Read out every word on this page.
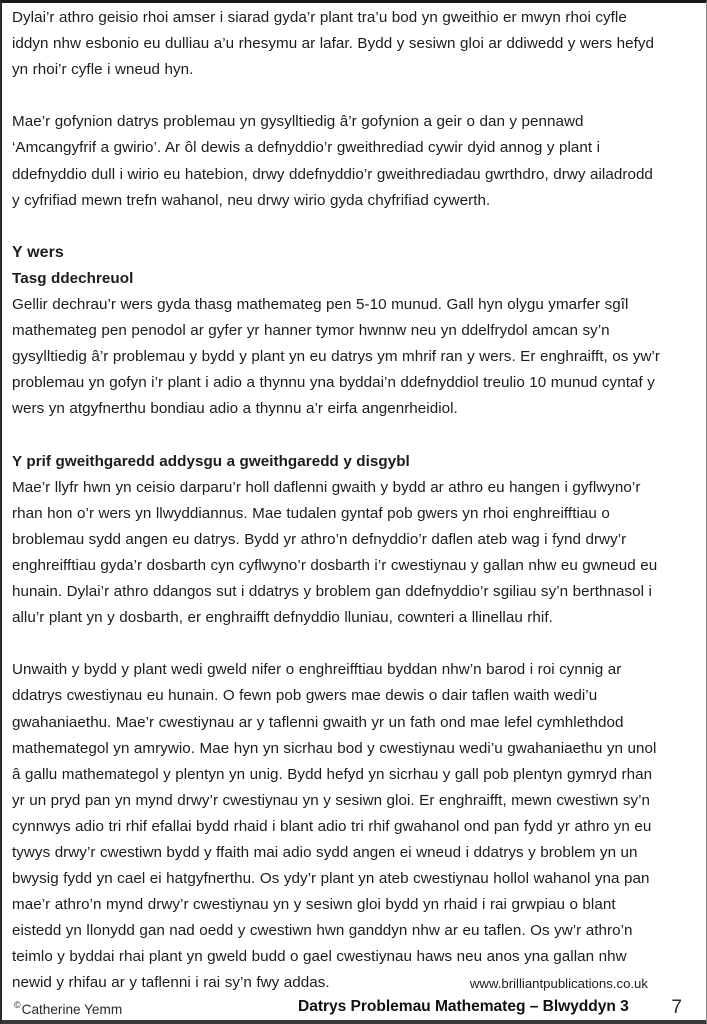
Dylai’r athro geisio rhoi amser i siarad gyda’r plant tra’u bod yn gweithio er mwyn rhoi cyfle iddyn nhw esbonio eu dulliau a’u rhesymu ar lafar. Bydd y sesiwn gloi ar ddiwedd y wers hefyd yn rhoi’r cyfle i wneud hyn.

Mae’r gofynion datrys problemau yn gysylltiedig â’r gofynion a geir o dan y pennawd ‘Amcangyfrif a gwirio’. Ar ôl dewis a defnyddio’r gweithrediad cywir dyid annog y plant i ddefnyddio dull i wirio eu hatebion, drwy ddefnyddio’r gweithrediadau gwrthdro, drwy ailadrodd y cyfrifiad mewn trefn wahanol, neu drwy wirio gyda chyfrifiad cywerth.

Y wers
Tasg ddechreuol

Gellir dechrau’r wers gyda thasg mathemateg pen 5-10 munud. Gall hyn olygu ymarfer sgîl mathemateg pen penodol ar gyfer yr hanner tymor hwnnw neu yn ddelfrydol amcan sy’n gysylltiedig â’r problemau y bydd y plant yn eu datrys ym mhrif ran y wers. Er enghraifft, os yw’r problemau yn gofyn i’r plant i adio a thynnu yna byddai’n ddefnyddiol treulio 10 munud cyntaf y wers yn atgyfnerthu bondiau adio a thynnu a’r eirfa angenrheidiol.

Y prif gweithgaredd addysgu a gweithgaredd y disgybl

Mae’r llyfr hwn yn ceisio darparu’r holl daflenni gwaith y bydd ar athro eu hangen i gyflwyno’r rhan hon o’r wers yn llwyddiannus. Mae tudalen gyntaf pob gwers yn rhoi enghreifftiau o broblemau sydd angen eu datrys. Bydd yr athro’n defnyddio’r daflen ateb wag i fynd drwy’r enghreifftiau gyda’r dosbarth cyn cyflwyno’r dosbarth i’r cwestiynau y gallan nhw eu gwneud eu hunain. Dylai’r athro ddangos sut i ddatrys y broblem gan ddefnyddio’r sgiliau sy’n berthnasol i allu’r plant yn y dosbarth, er enghraifft defnyddio lluniau, cownteri a llinellau rhif.

Unwaith y bydd y plant wedi gweld nifer o enghreifftiau byddan nhw’n barod i roi cynnig ar ddatrys cwestiynau eu hunain. O fewn pob gwers mae dewis o dair taflen waith wedi’u gwahaniaethu. Mae’r cwestiynau ar y taflenni gwaith yr un fath ond mae lefel cymhlethdod mathemategol yn amrywio. Mae hyn yn sicrhau bod y cwestiynau wedi’u gwahaniaethu yn unol â gallu mathemategol y plentyn yn unig. Bydd hefyd yn sicrhau y gall pob plentyn gymryd rhan yr un pryd pan yn mynd drwy’r cwestiynau yn y sesiwn gloi. Er enghraifft, mewn cwestiwn sy’n cynnwys adio tri rhif efallai bydd rhaid i blant adio tri rhif gwahanol ond pan fydd yr athro yn eu tywys drwy’r cwestiwn bydd y ffaith mai adio sydd angen ei wneud i ddatrys y broblem yn un bwysig fydd yn cael ei hatgyfnerthu. Os ydy’r plant yn ateb cwestiynau hollol wahanol yna pan mae’r athro’n mynd drwy’r cwestiynau yn y sesiwn gloi bydd yn rhaid i rai grwpiau o blant eistedd yn llonydd gan nad oedd y cwestiwn hwn ganddyn nhw ar eu taflen. Os yw’r athro’n teimlo y byddai rhai plant yn gweld budd o gael cwestiynau haws neu anos yna gallan nhw newid y rhifau ar y taflenni i rai sy’n fwy addas.	www.brilliantpublications.co.uk
©Catherine Yemm	Datrys Problemau Mathemateg – Blwyddyn 3 7
